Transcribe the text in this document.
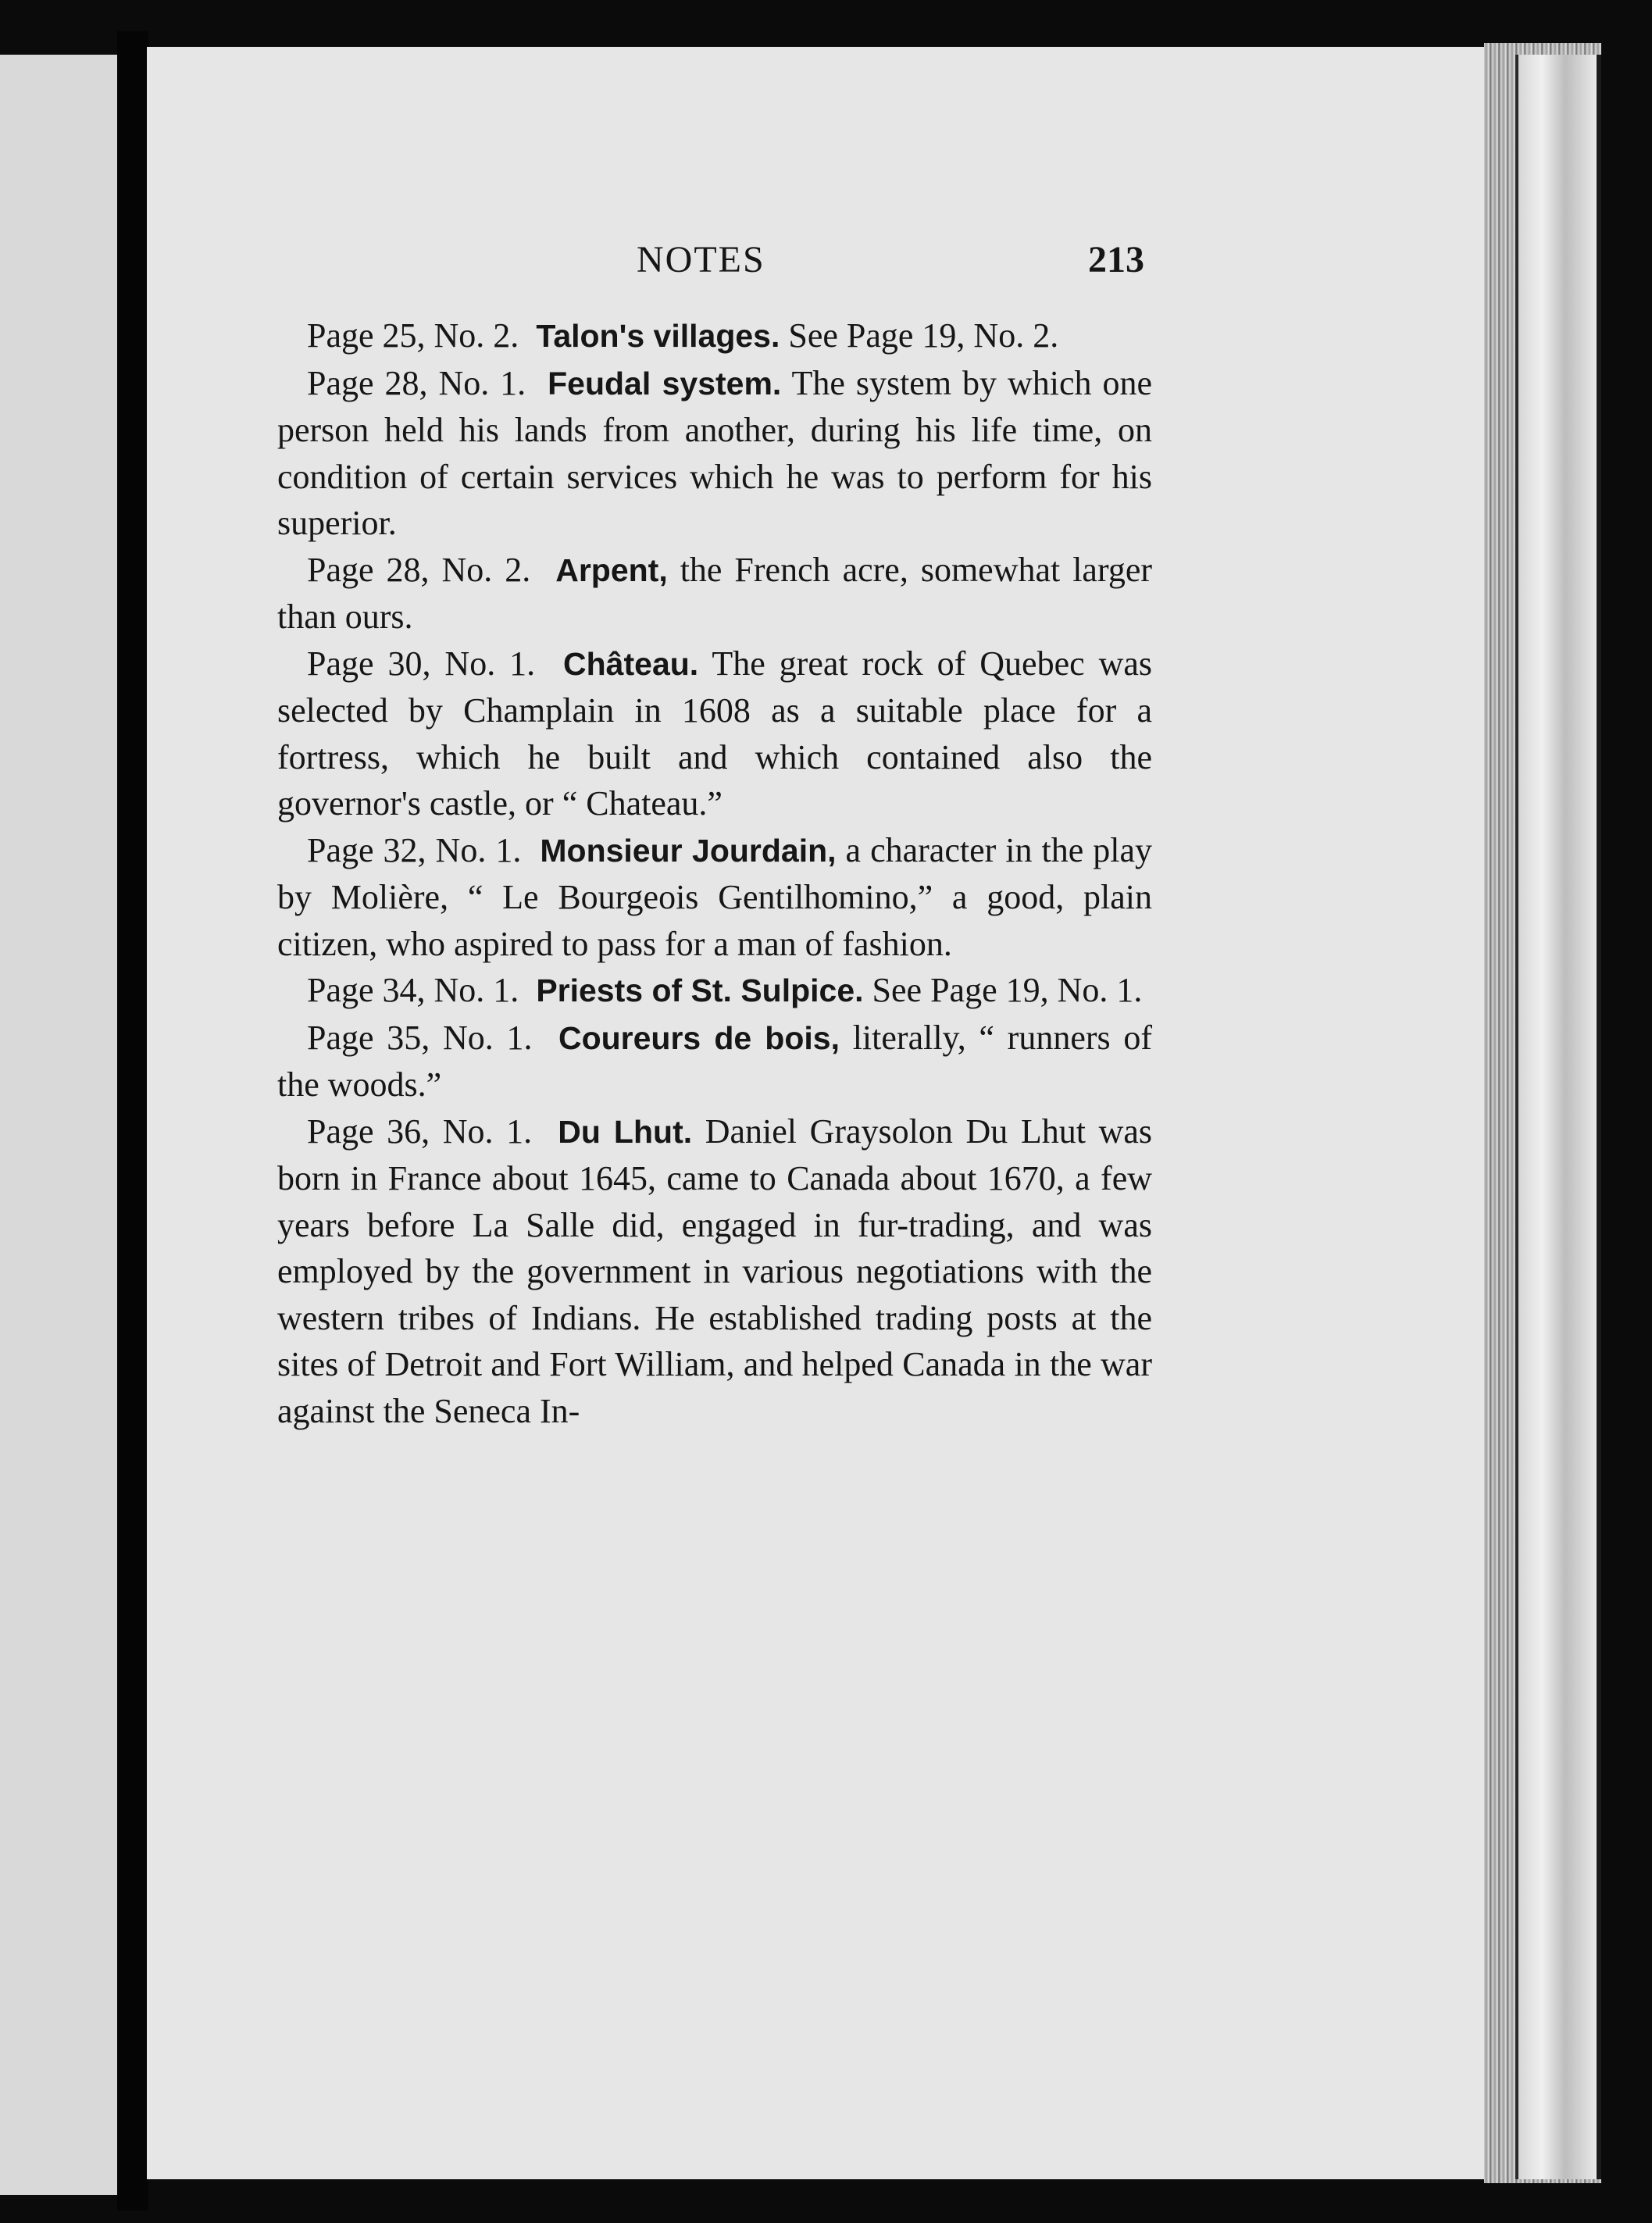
NOTES	213

Page 25, No. 2. Talon's villages. See Page 19, No. 2.

Page 28, No. 1. Feudal system. The system by which one person held his lands from another, during his life time, on condition of certain services which he was to perform for his superior.

Page 28, No. 2. Arpent, the French acre, somewhat larger than ours.

Page 30, No. 1. Château. The great rock of Quebec was selected by Champlain in 1608 as a suitable place for a fortress, which he built and which contained also the governor's castle, or “ Chateau.”

Page 32, No. 1. Monsieur Jourdain, a character in the play by Molière, “ Le Bourgeois Gentilhomino,” a good, plain citizen, who aspired to pass for a man of fashion.

Page 34, No. 1. Priests of St. Sulpice. See Page 19, No. 1.

Page 35, No. 1. Coureurs de bois, literally, “ runners of the woods.”

Page 36, No. 1. Du Lhut. Daniel Graysolon Du Lhut was born in France about 1645, came to Canada about 1670, a few years before La Salle did, engaged in fur-trading, and was employed by the government in various negotiations with the western tribes of Indians. He established trading posts at the sites of Detroit and Fort William, and helped Canada in the war against the Seneca In-
